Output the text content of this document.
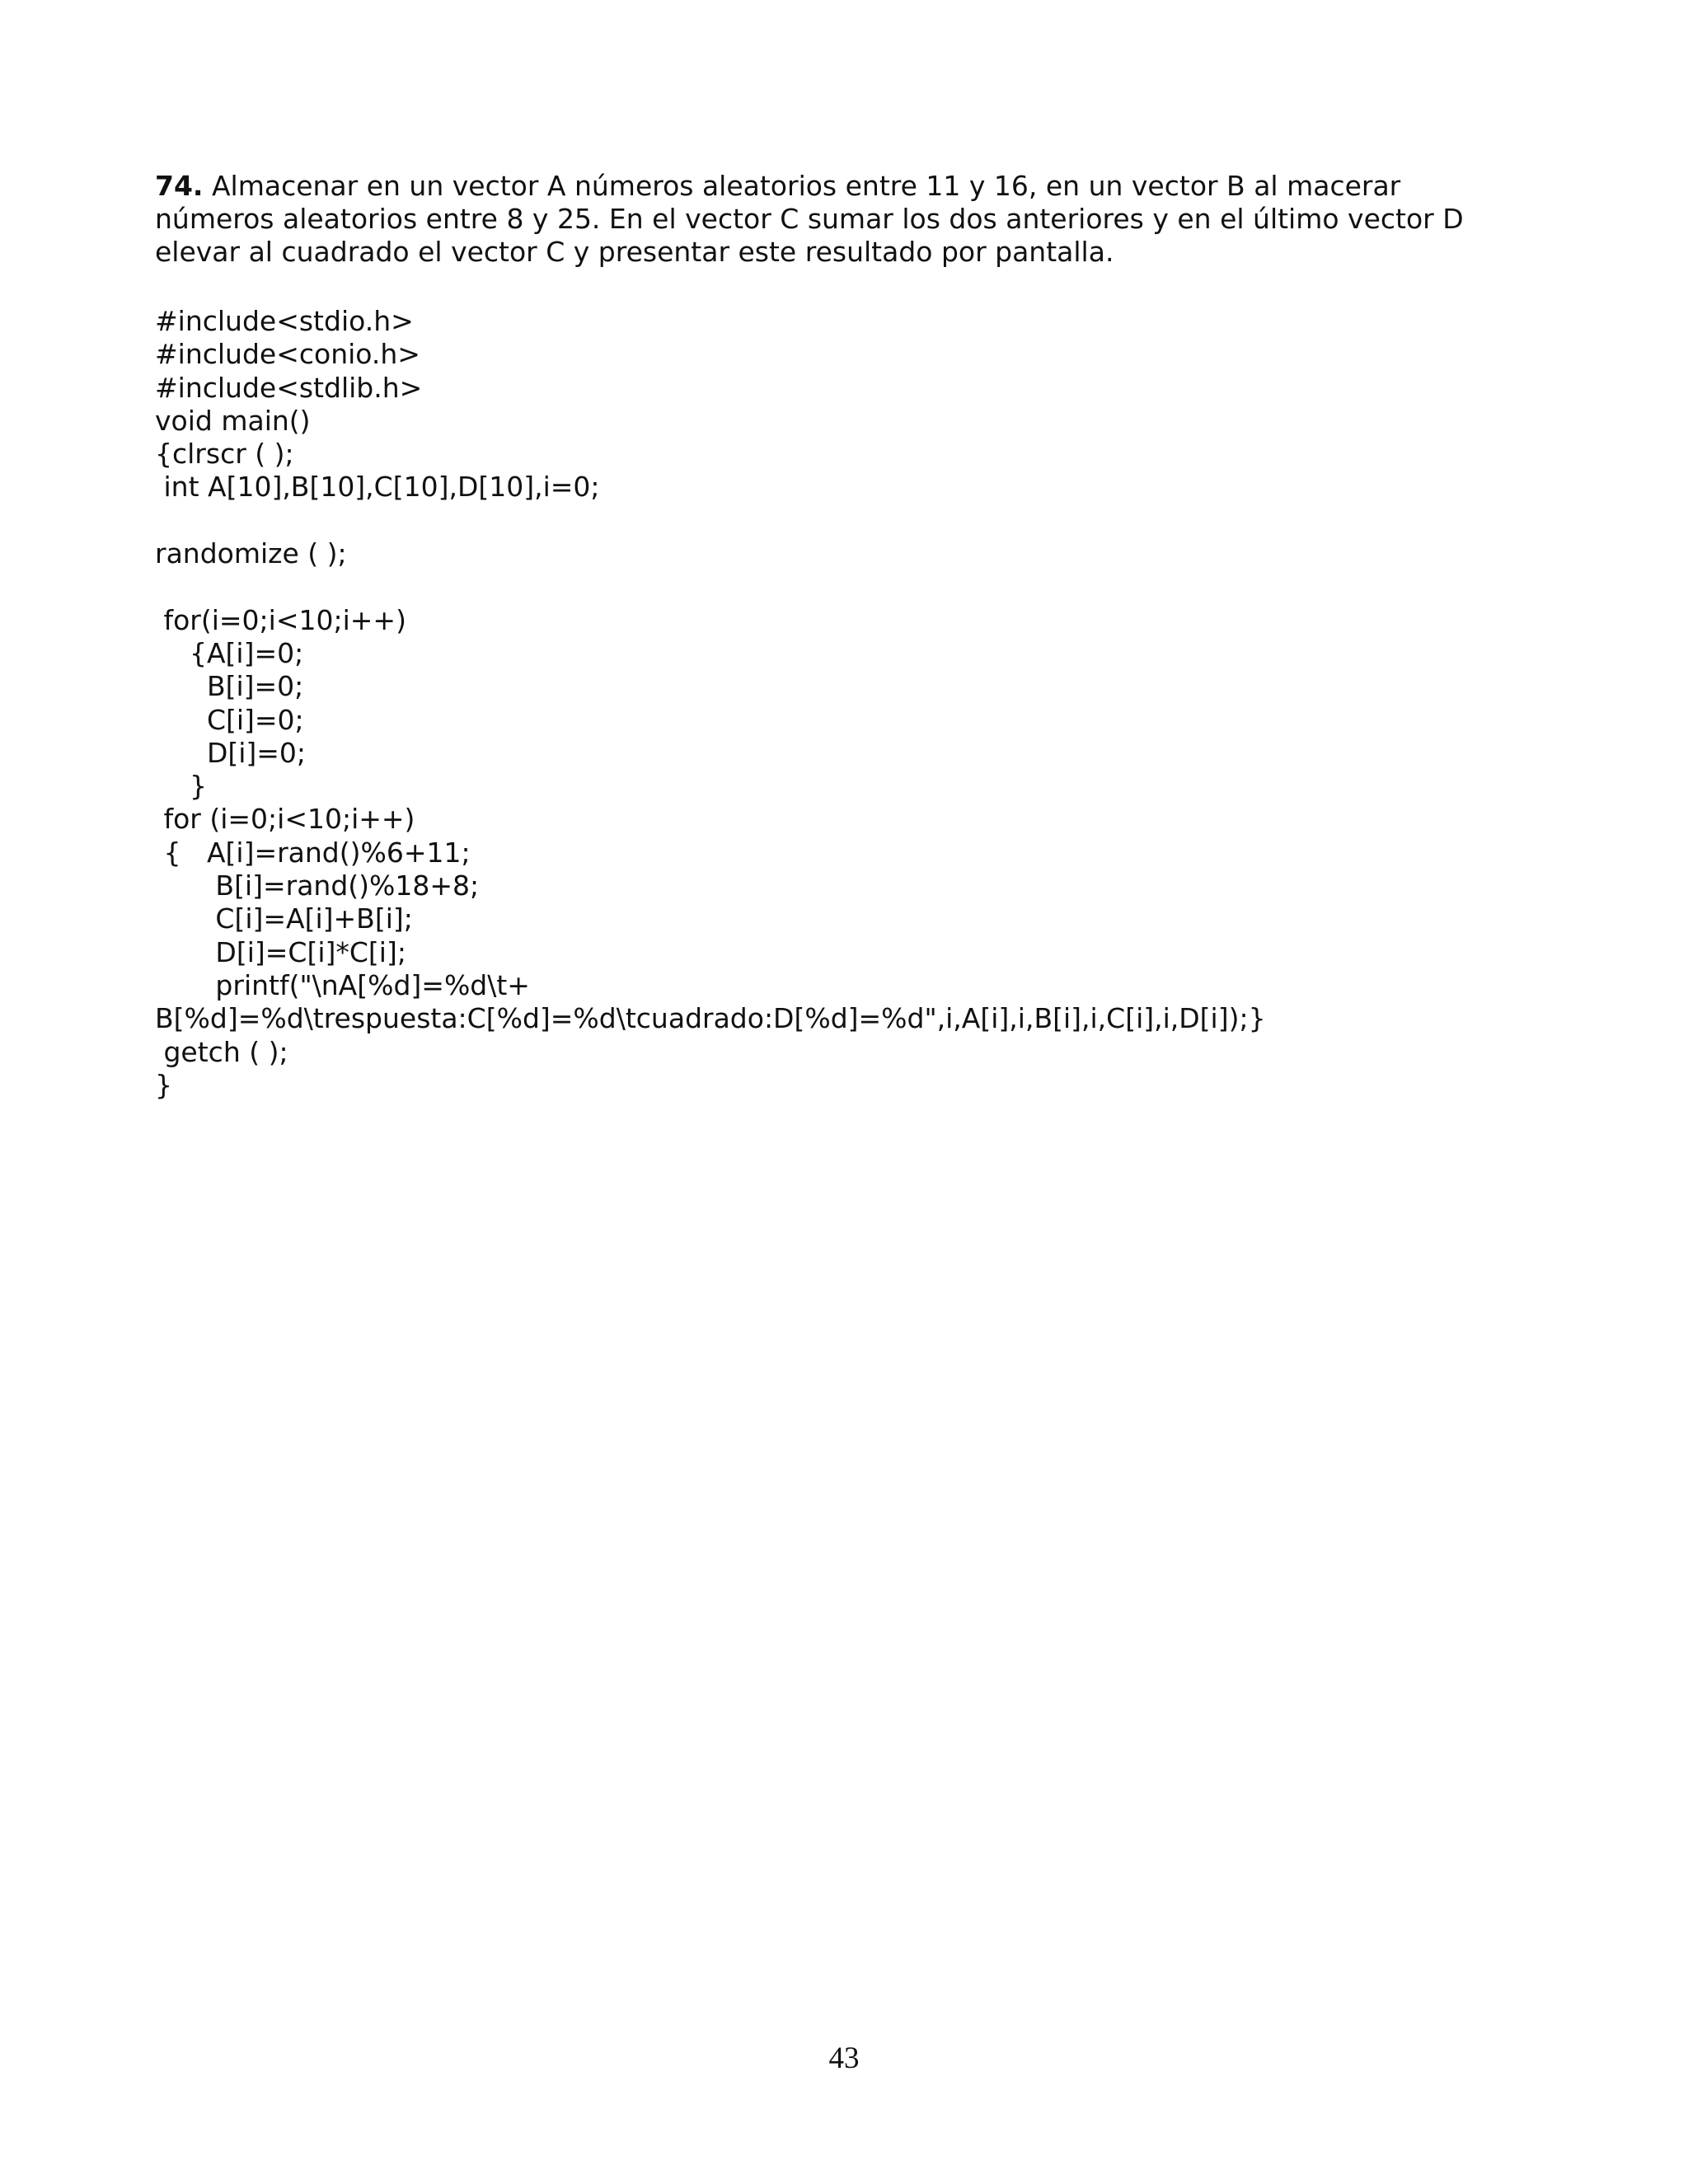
74. Almacenar en un vector A números aleatorios entre 11 y 16, en un vector B al macerar números aleatorios entre 8 y 25. En el vector C sumar los dos anteriores y en el último vector D elevar al cuadrado el vector C y presentar este resultado por pantalla.
#include<stdio.h>
#include<conio.h>
#include<stdlib.h>
void main()
{clrscr ( );
int A[10],B[10],C[10],D[10],i=0;
randomize ( );
for(i=0;i<10;i++)
{A[i]=0;
B[i]=0;
C[i]=0;
D[i]=0;
}
for (i=0;i<10;i++)
{   A[i]=rand()%6+11;
B[i]=rand()%18+8;
C[i]=A[i]+B[i];
D[i]=C[i]*C[i];
printf("\nA[%d]=%d\t+
B[%d]=%d\trespuesta:C[%d]=%d\tcuadrado:D[%d]=%d",i,A[i],i,B[i],i,C[i],i,D[i]);}
getch ( );
}
43
